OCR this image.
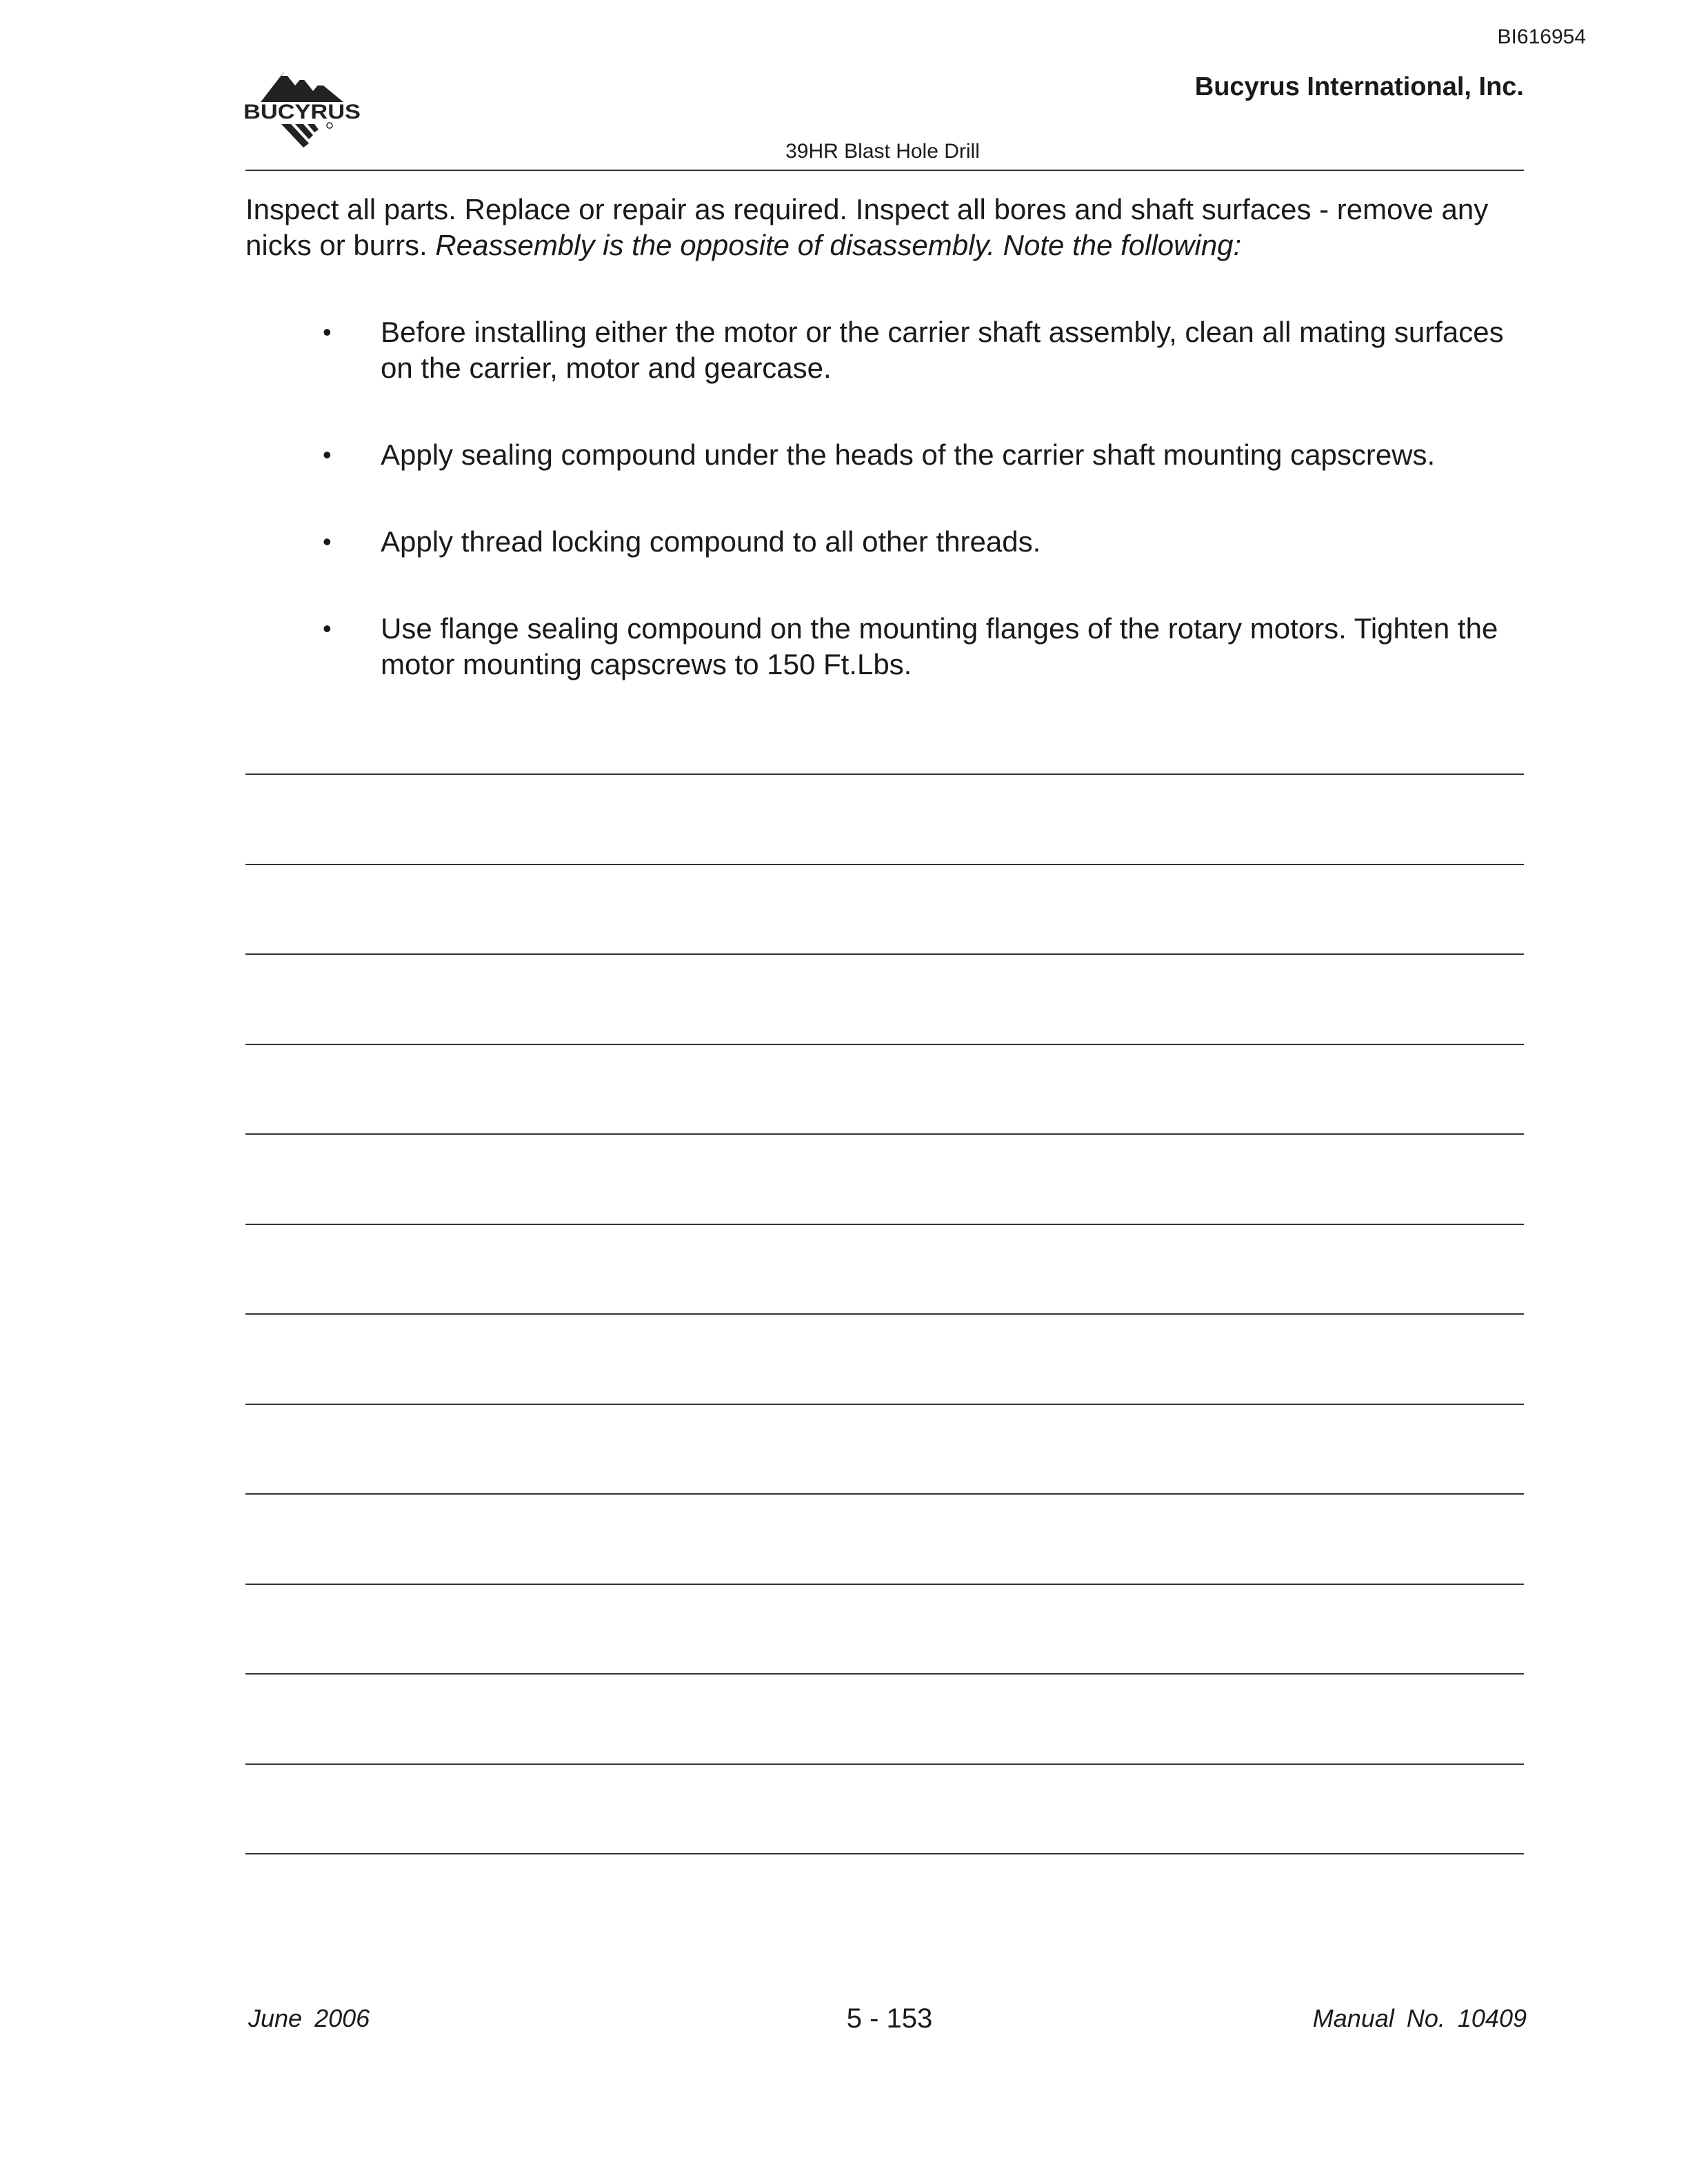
BI616954
BUCYRUS
Bucyrus International, Inc.
39HR Blast Hole Drill

Inspect all parts. Replace or repair as required. Inspect all bores and shaft surfaces - remove any nicks or burrs. Reassembly is the opposite of disassembly. Note the following:

• Before installing either the motor or the carrier shaft assembly, clean all mating surfaces on the carrier, motor and gearcase.
• Apply sealing compound under the heads of the carrier shaft mounting capscrews.
• Apply thread locking compound to all other threads.
• Use flange sealing compound on the mounting flanges of the rotary motors. Tighten the motor mounting capscrews to 150 Ft.Lbs.
June 2006	5 - 153	Manual No. 10409
